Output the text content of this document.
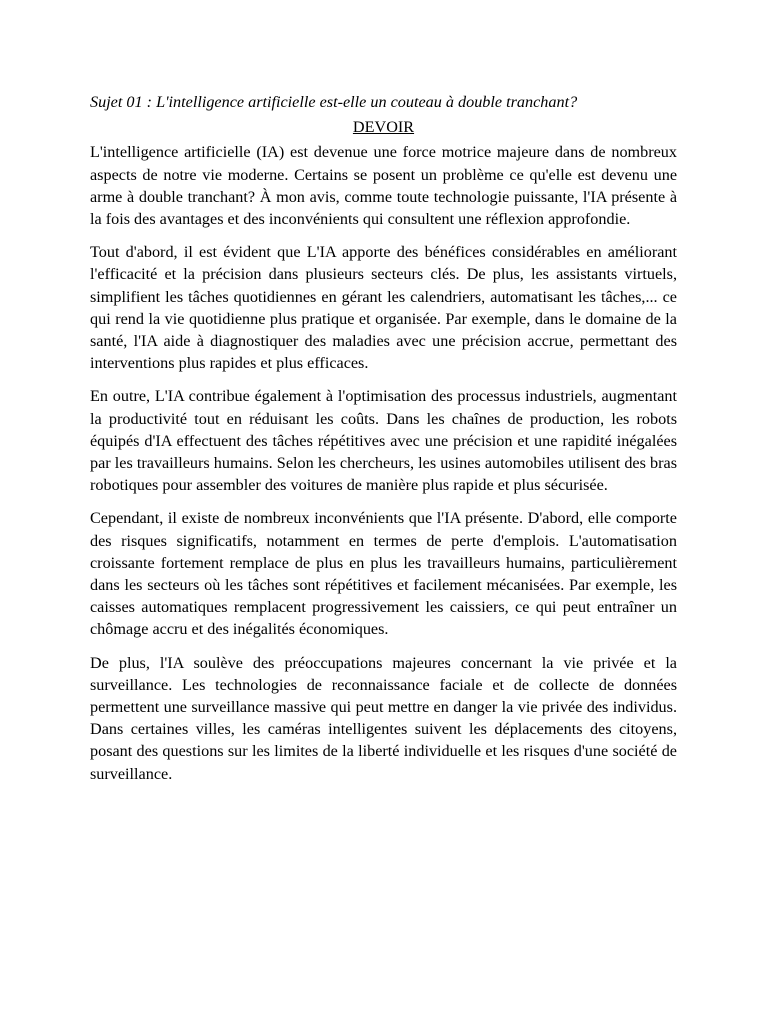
Sujet 01 : L'intelligence artificielle est-elle un couteau à double tranchant?

DEVOIR

L'intelligence artificielle (IA) est devenue une force motrice majeure dans de nombreux aspects de notre vie moderne. Certains se posent un problème ce qu'elle est devenu une arme à double tranchant? À mon avis, comme toute technologie puissante, l'IA présente à la fois des avantages et des inconvénients qui consultent une réflexion approfondie.

Tout d'abord, il est évident que L'IA apporte des bénéfices considérables en améliorant l'efficacité et la précision dans plusieurs secteurs clés. De plus, les assistants virtuels, simplifient les tâches quotidiennes en gérant les calendriers, automatisant les tâches,... ce qui rend la vie quotidienne plus pratique et organisée. Par exemple, dans le domaine de la santé, l'IA aide à diagnostiquer des maladies avec une précision accrue, permettant des interventions plus rapides et plus efficaces.

En outre, L'IA contribue également à l'optimisation des processus industriels, augmentant la productivité tout en réduisant les coûts. Dans les chaînes de production, les robots équipés d'IA effectuent des tâches répétitives avec une précision et une rapidité inégalées par les travailleurs humains. Selon les chercheurs, les usines automobiles utilisent des bras robotiques pour assembler des voitures de manière plus rapide et plus sécurisée.

Cependant, il existe de nombreux inconvénients que l'IA présente. D'abord, elle comporte des risques significatifs, notamment en termes de perte d'emplois. L'automatisation croissante fortement remplace de plus en plus les travailleurs humains, particulièrement dans les secteurs où les tâches sont répétitives et facilement mécanisées. Par exemple, les caisses automatiques remplacent progressivement les caissiers, ce qui peut entraîner un chômage accru et des inégalités économiques.

De plus, l'IA soulève des préoccupations majeures concernant la vie privée et la surveillance. Les technologies de reconnaissance faciale et de collecte de données permettent une surveillance massive qui peut mettre en danger la vie privée des individus. Dans certaines villes, les caméras intelligentes suivent les déplacements des citoyens, posant des questions sur les limites de la liberté individuelle et les risques d'une société de surveillance.
